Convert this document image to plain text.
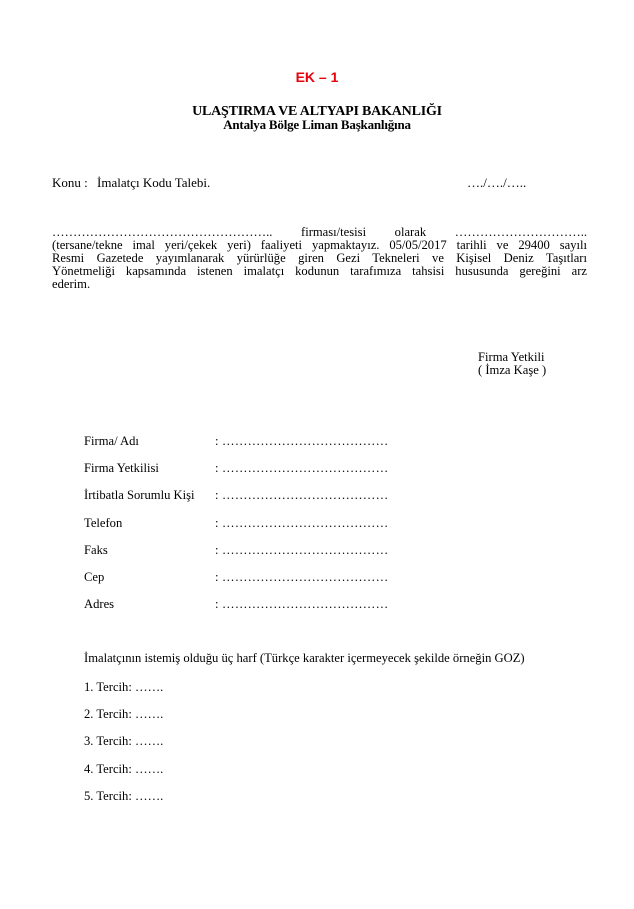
EK – 1
ULAŞTIRMA VE ALTYAPI BAKANLIĞI
Antalya Bölge Liman Başkanlığına
Konu : İmalatçı Kodu Talebi.	…./…./…..
…………………………………………….. firması/tesisi olarak …………………………..
(tersane/tekne imal yeri/çekek yeri) faaliyeti yapmaktayız. 05/05/2017 tarihli ve 29400 sayılı
Resmi Gazetede yayımlanarak yürürlüğe giren Gezi Tekneleri ve Kişisel Deniz Taşıtları
Yönetmeliği kapsamında istenen imalatçı kodunun tarafımıza tahsisi hususunda gereğini arz
ederim.
Firma Yetkili
( İmza Kaşe )
Firma/ Adı	: …………………………………
Firma Yetkilisi	: …………………………………
İrtibatla Sorumlu Kişi : …………………………………
Telefon	: …………………………………
Faks	: …………………………………
Cep	: …………………………………
Adres	: …………………………………
İmalatçının istemiş olduğu üç harf (Türkçe karakter içermeyecek şekilde örneğin GOZ)
1. Tercih: …….
2. Tercih: …….
3. Tercih: …….
4. Tercih: …….
5. Tercih: …….
